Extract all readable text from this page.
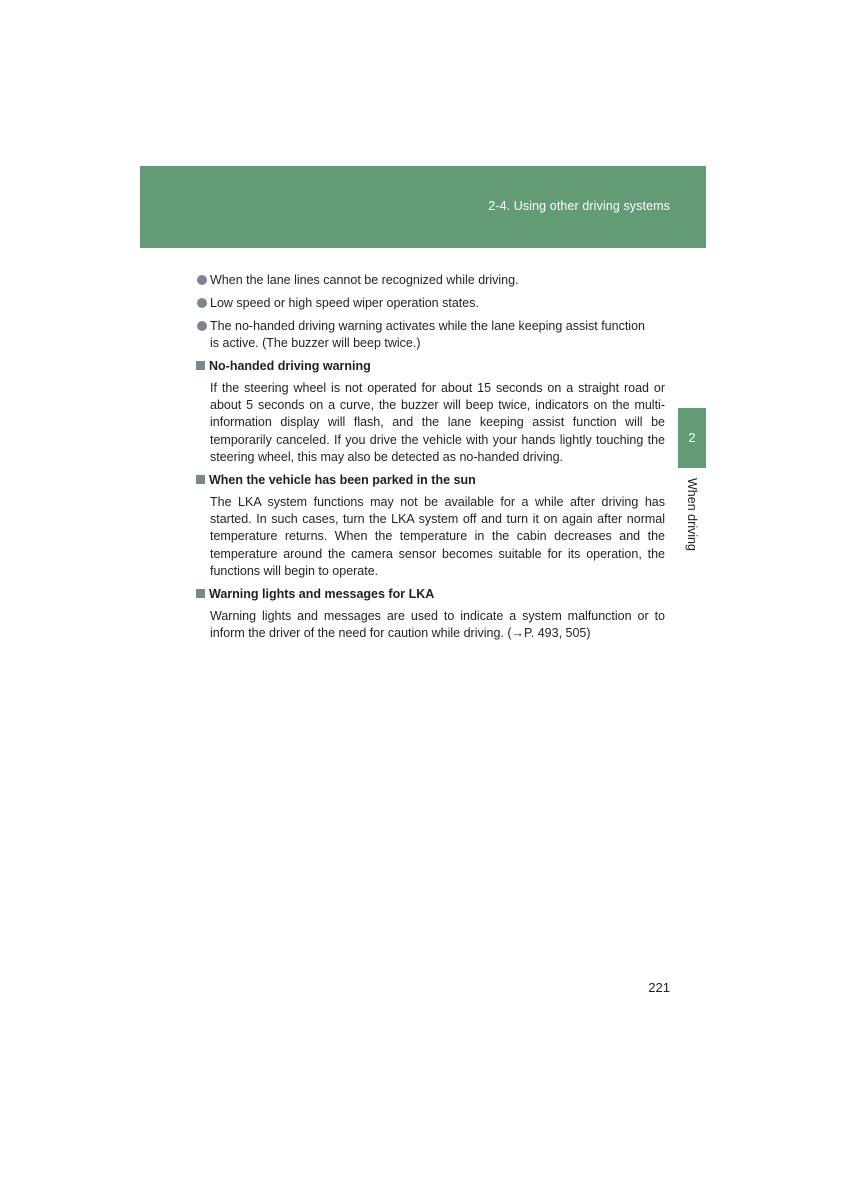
2-4. Using other driving systems
2
When driving
When the lane lines cannot be recognized while driving.
Low speed or high speed wiper operation states.
The no-handed driving warning activates while the lane keeping assist function is active. (The buzzer will beep twice.)
No-handed driving warning
If the steering wheel is not operated for about 15 seconds on a straight road or about 5 seconds on a curve, the buzzer will beep twice, indicators on the multi-information display will flash, and the lane keeping assist function will be temporarily canceled. If you drive the vehicle with your hands lightly touching the steering wheel, this may also be detected as no-handed driving.
When the vehicle has been parked in the sun
The LKA system functions may not be available for a while after driving has started. In such cases, turn the LKA system off and turn it on again after normal temperature returns. When the temperature in the cabin decreases and the temperature around the camera sensor becomes suitable for its operation, the functions will begin to operate.
Warning lights and messages for LKA
Warning lights and messages are used to indicate a system malfunction or to inform the driver of the need for caution while driving. (→P. 493, 505)
221
